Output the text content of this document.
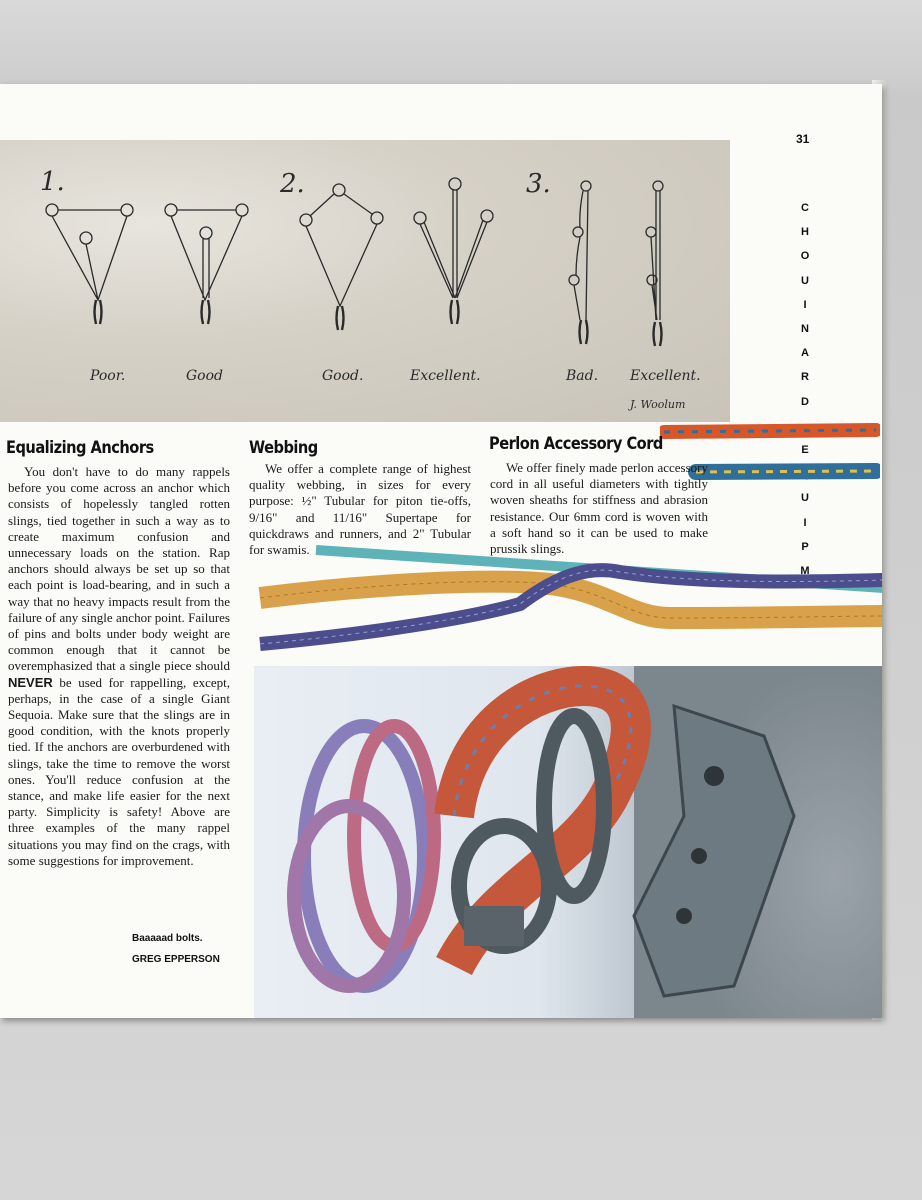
1.	2.	3.
Poor.	Good	Good.	Excellent.	Bad. Excellent.
J. Woolum
31
C
H
O
U
I
N
A
R
D

E
U
I
P
M

T
Equalizing Anchors

You don't have to do many rappels before you come across an anchor which consists of hopelessly tangled rotten slings, tied together in such a way as to create maximum confusion and unnecessary loads on the station. Rap anchors should always be set up so that each point is load-bearing, and in such a way that no heavy impacts result from the failure of any single anchor point. Failures of pins and bolts under body weight are common enough that it cannot be overemphasized that a single piece should NEVER be used for rappelling, except, perhaps, in the case of a single Giant Sequoia. Make sure that the slings are in good condition, with the knots properly tied. If the anchors are overburdened with slings, take the time to remove the worst ones. You'll reduce confusion at the stance, and make life easier for the next party. Simplicity is safety! Above are three examples of the many rappel situations you may find on the crags, with some suggestions for improvement.

Webbing

We offer a complete range of highest quality webbing, in sizes for every purpose: ½" Tubular for piton tie-offs, 9/16" and 11/16" Supertape for quickdraws and runners, and 2" Tubular for swamis.

Perlon Accessory Cord

We offer finely made perlon accessory cord in all useful diameters with tightly woven sheaths for stiffness and abrasion resistance. Our 6mm cord is woven with a soft hand so it can be used to make prussik slings.

Baaaaad bolts.
GREG EPPERSON
